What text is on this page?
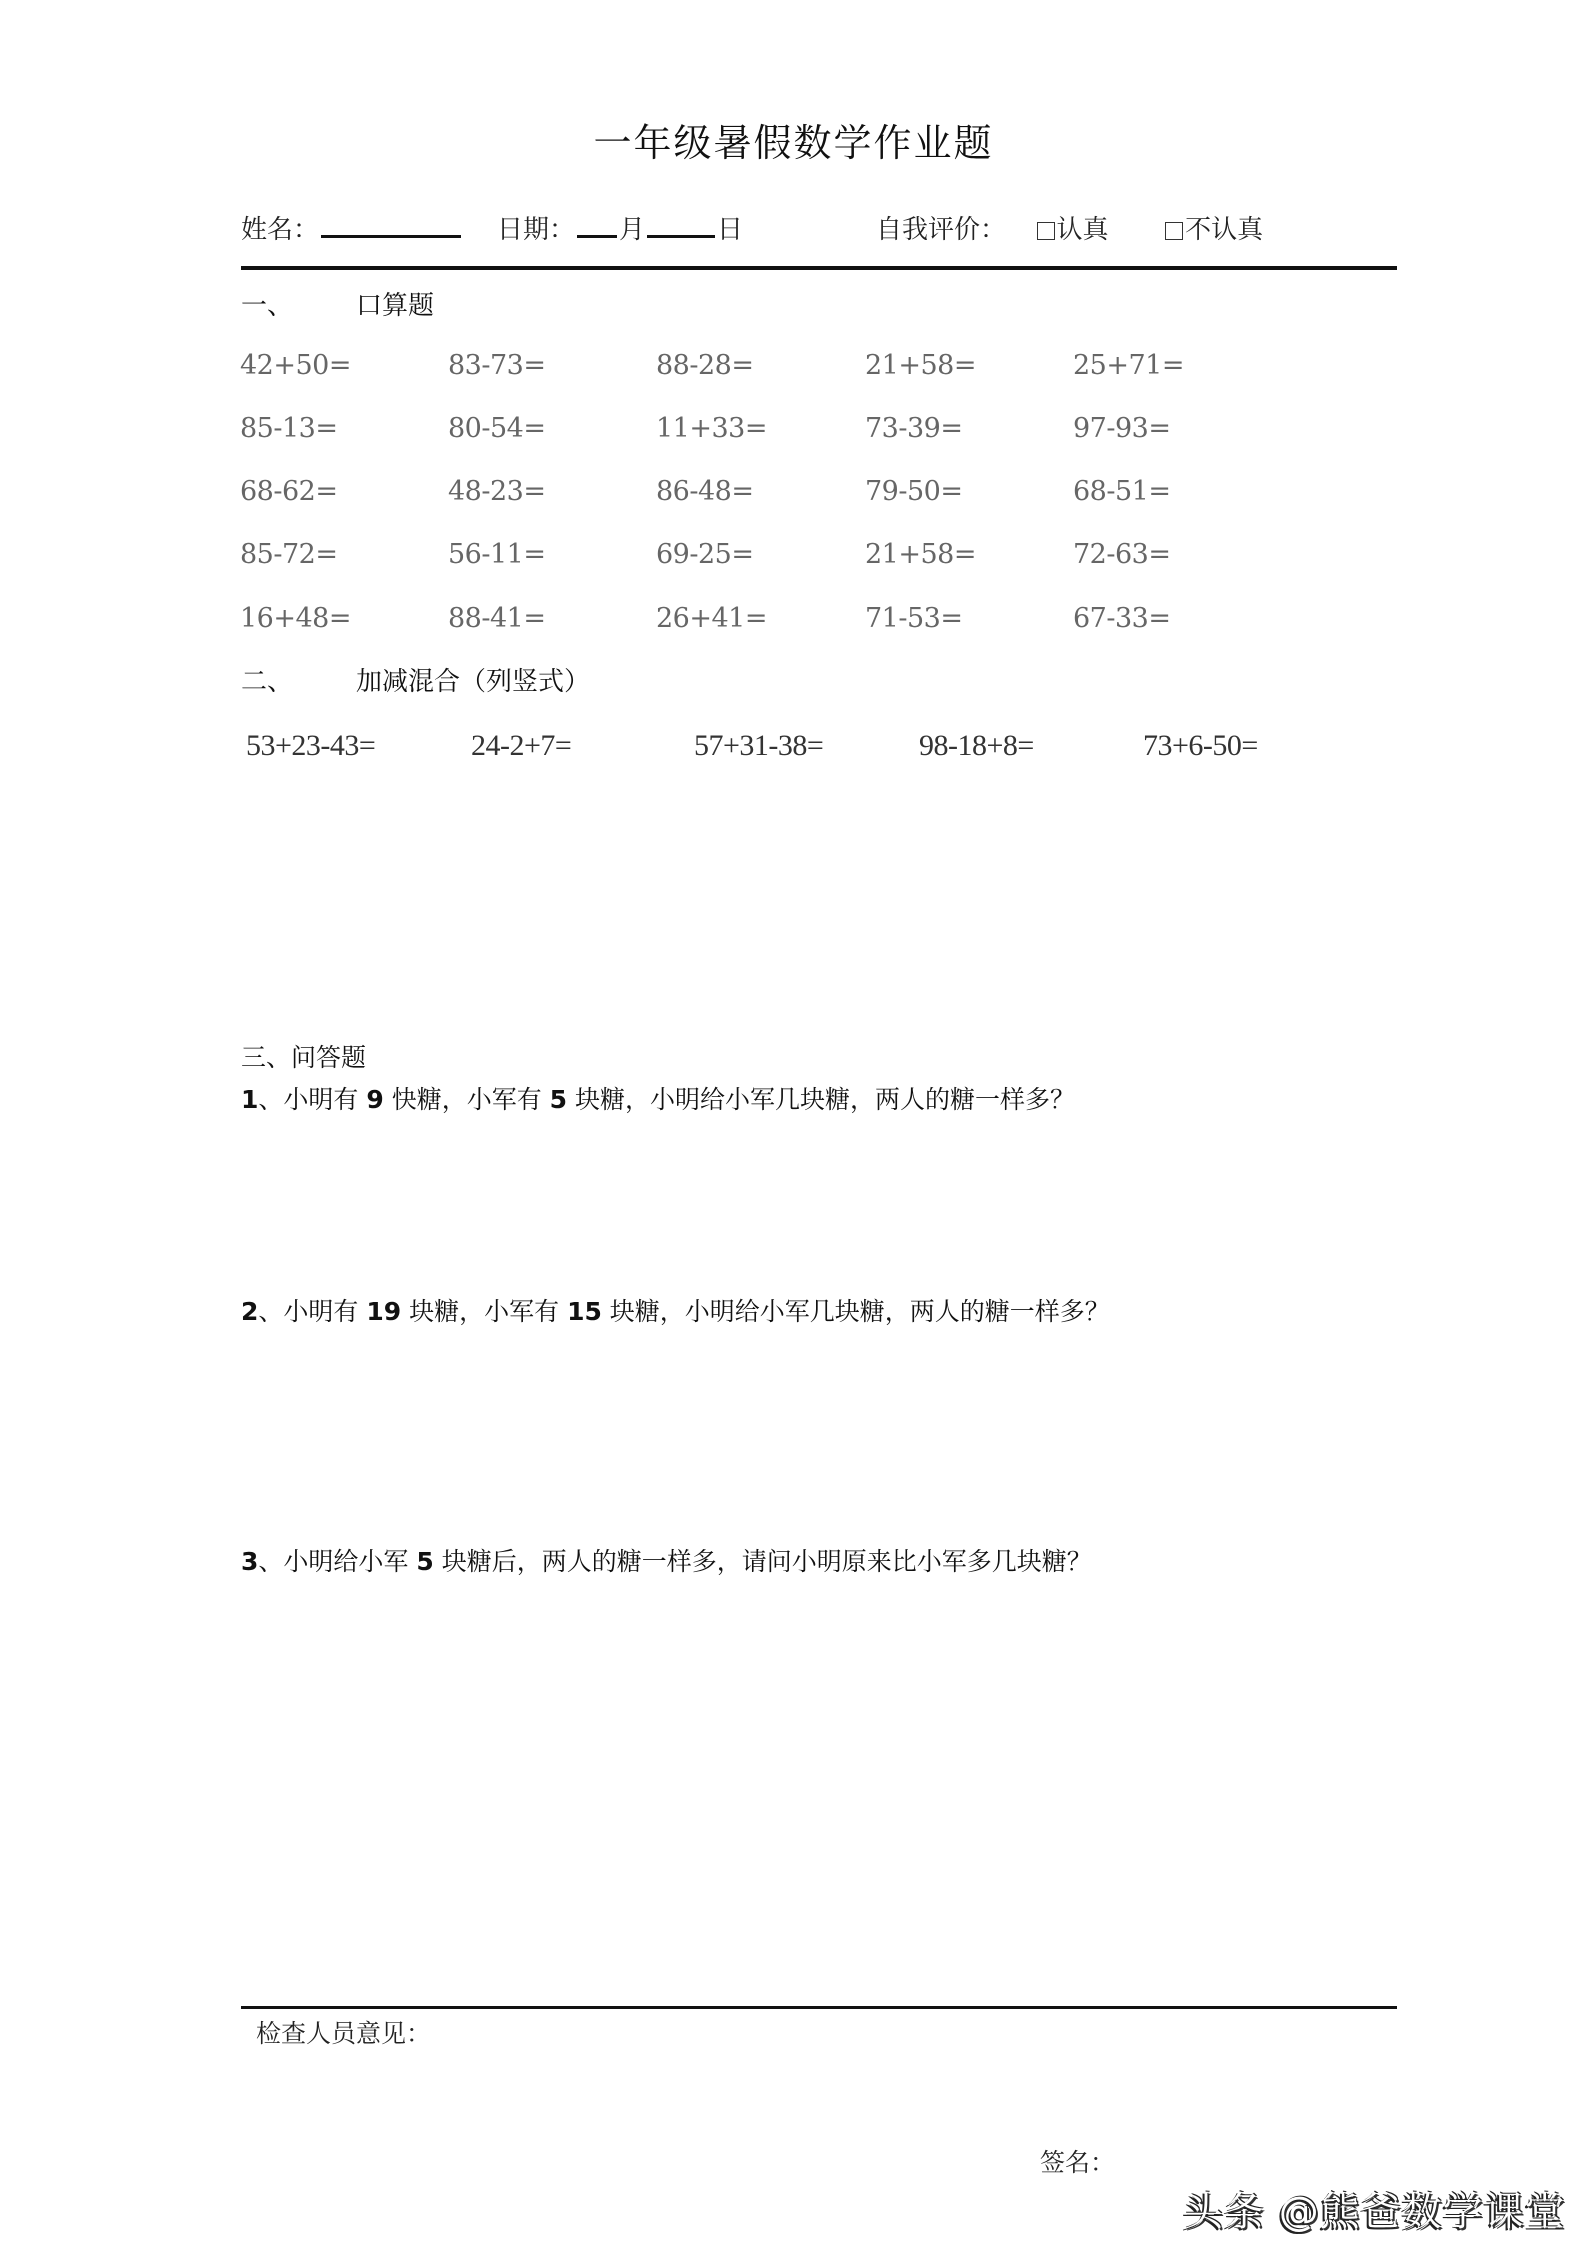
一年级暑假数学作业题
姓名：	日期： 月	日	自我评价： 认真	不认真
一、 口算题
42+50=	83-73=	88-28=	21+58=	25+71=
85-13=	80-54=	11+33=	73-39=	97-93=
68-62=	48-23=	86-48=	79-50=	68-51=
85-72=	56-11=	69-25=	21+58=	72-63=
16+48=	88-41=	26+41=	71-53=	67-33=
二、 加减混合（列竖式）
53+23-43=	24-2+7=	57+31-38=	98-18+8=	73+6-50=
三、问答题
1、小明有 9 快糖，小军有 5 块糖，小明给小军几块糖，两人的糖一样多？
2、小明有 19 块糖，小军有 15 块糖，小明给小军几块糖，两人的糖一样多？
3、小明给小军 5 块糖后，两人的糖一样多，请问小明原来比小军多几块糖？
检查人员意见：
签名：
头条 @熊爸数学课堂
